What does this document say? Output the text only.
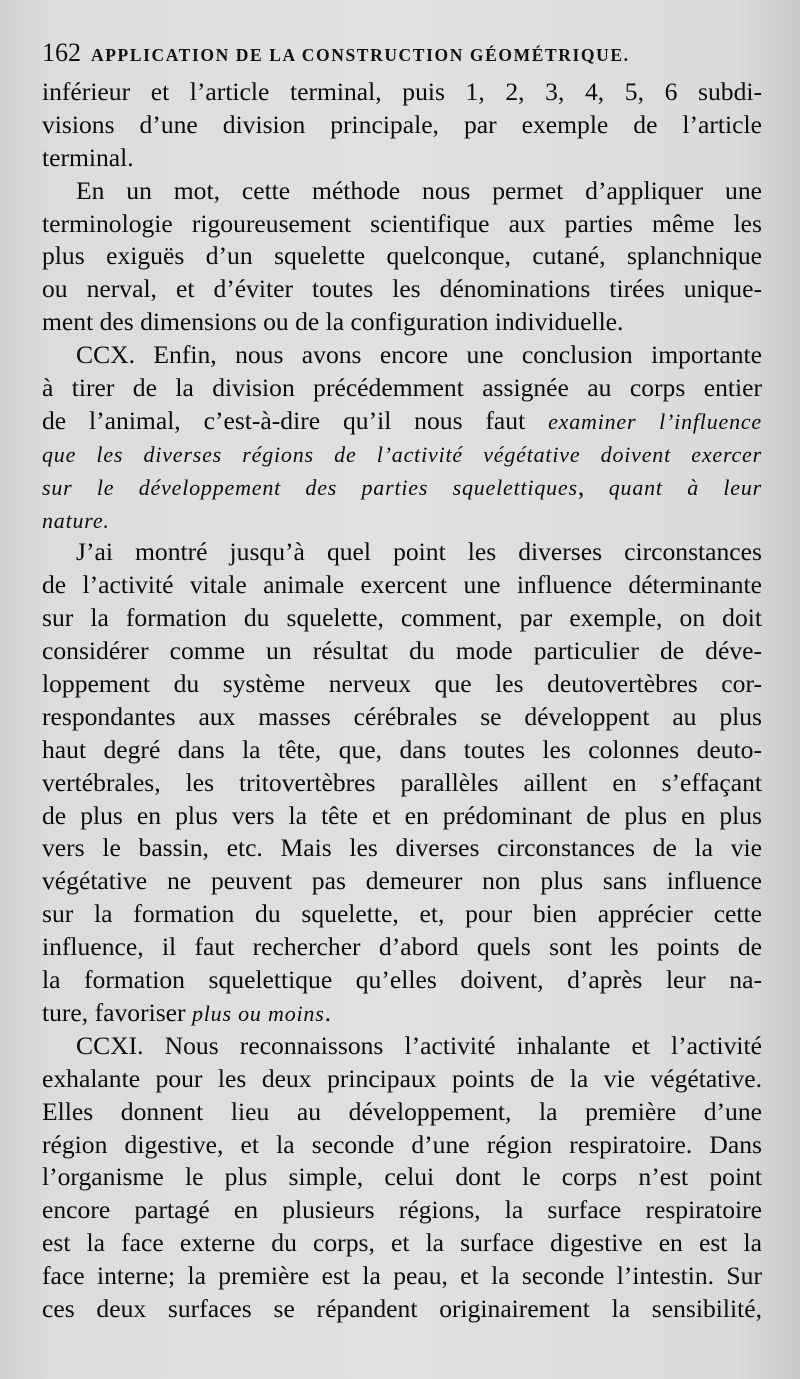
162 APPLICATION DE LA CONSTRUCTION GÉOMÉTRIQUE.
inférieur et l’article terminal, puis 1, 2, 3, 4, 5, 6 subdi-
visions d’une division principale, par exemple de l’article
terminal.
En un mot, cette méthode nous permet d’appliquer une
terminologie rigoureusement scientifique aux parties même les
plus exiguës d’un squelette quelconque, cutané, splanchnique
ou nerval, et d’éviter toutes les dénominations tirées unique-
ment des dimensions ou de la configuration individuelle.
CCX. Enfin, nous avons encore une conclusion importante
à tirer de la division précédemment assignée au corps entier
de l’animal, c’est-à-dire qu’il nous faut examiner l’influence
que les diverses régions de l’activité végétative doivent exercer
sur le développement des parties squelettiques, quant à leur
nature.
J’ai montré jusqu’à quel point les diverses circonstances
de l’activité vitale animale exercent une influence déterminante
sur la formation du squelette, comment, par exemple, on doit
considérer comme un résultat du mode particulier de déve-
loppement du système nerveux que les deutovertèbres cor-
respondantes aux masses cérébrales se développent au plus
haut degré dans la tête, que, dans toutes les colonnes deuto-
vertébrales, les tritovertèbres parallèles aillent en s’effaçant
de plus en plus vers la tête et en prédominant de plus en plus
vers le bassin, etc. Mais les diverses circonstances de la vie
végétative ne peuvent pas demeurer non plus sans influence
sur la formation du squelette, et, pour bien apprécier cette
influence, il faut rechercher d’abord quels sont les points de
la formation squelettique qu’elles doivent, d’après leur na-
ture, favoriser plus ou moins.
CCXI. Nous reconnaissons l’activité inhalante et l’activité
exhalante pour les deux principaux points de la vie végétative.
Elles donnent lieu au développement, la première d’une
région digestive, et la seconde d’une région respiratoire. Dans
l’organisme le plus simple, celui dont le corps n’est point
encore partagé en plusieurs régions, la surface respiratoire
est la face externe du corps, et la surface digestive en est la
face interne; la première est la peau, et la seconde l’intestin. Sur
ces deux surfaces se répandent originairement la sensibilité,
